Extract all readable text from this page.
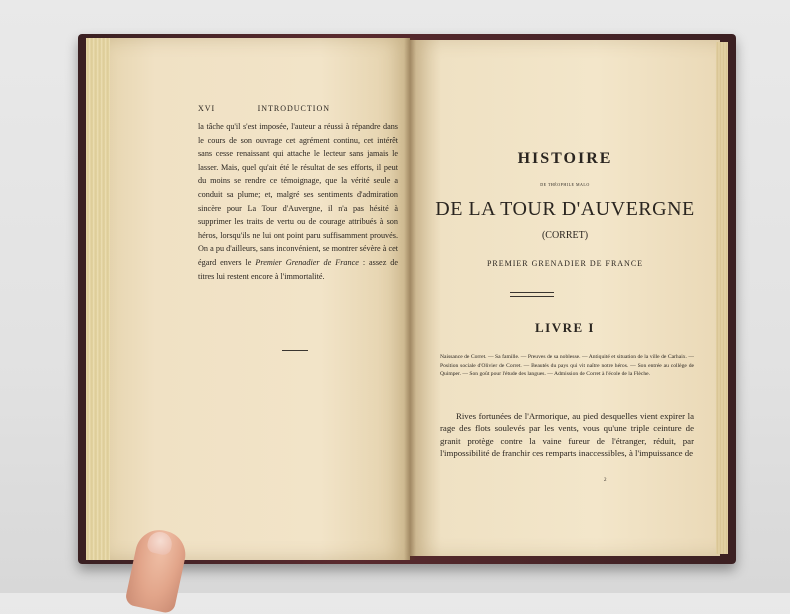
XVI	INTRODUCTION

la tâche qu'il s'est imposée, l'auteur a réussi à répandre dans le cours de son ouvrage cet agrément continu, cet intérêt sans cesse renaissant qui attache le lecteur sans jamais le lasser. Mais, quel qu'ait été le résultat de ses efforts, il peut du moins se rendre ce témoignage, que la vérité seule a conduit sa plume; et, malgré ses sentiments d'admiration sincère pour La Tour d'Auvergne, il n'a pas hésité à supprimer les traits de vertu ou de courage attribués à son héros, lorsqu'ils ne lui ont point paru suffisamment prouvés. On a pu d'ailleurs, sans inconvénient, se montrer sévère à cet égard envers le Premier Grenadier de France : assez de titres lui restent encore à l'immortalité.

HISTOIRE
DE THÉOPHILE MALO
DE LA TOUR D'AUVERGNE
(CORRET)
PREMIER GRENADIER DE FRANCE
LIVRE I
Naissance de Corret. — Sa famille. — Preuves de sa noblesse. — Antiquité et situation de la ville de Carhaix. — Position sociale d'Olivier de Corret. — Beautés du pays qui vit naître notre héros. — Son entrée au collège de Quimper. — Son goût pour l'étude des langues. — Admission de Corret à l'école de la Flèche.
Rives fortunées de l'Armorique, au pied desquelles vient expirer la rage des flots soulevés par les vents, vous qu'une triple ceinture de granit protège contre la vaine fureur de l'étranger, réduit, par l'impossibilité de franchir ces remparts inaccessibles, à l'impuissance de
2
